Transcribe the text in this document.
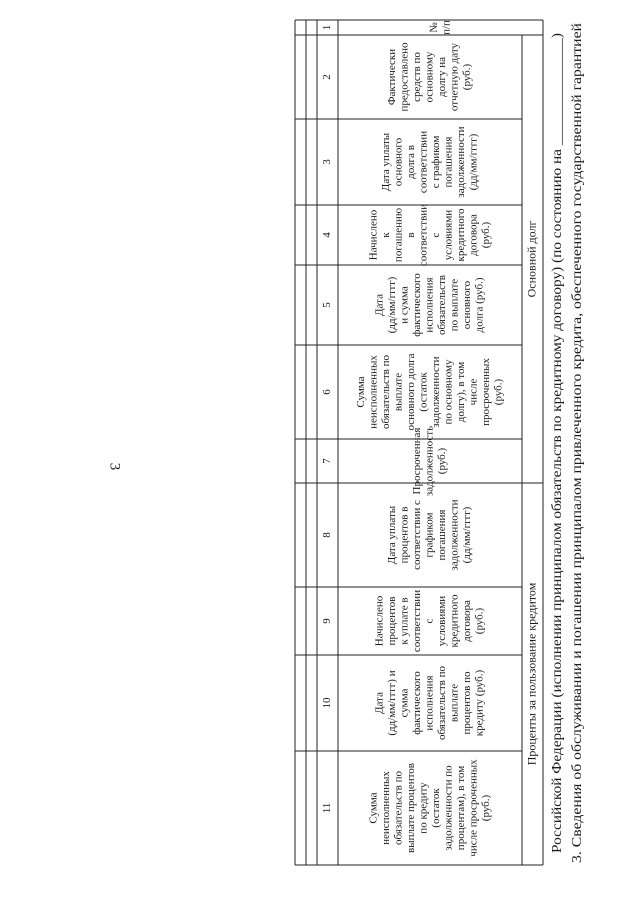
3
Проценты за пользование кредитом
Основной долг
Сумма неисполненных обязательств по выплате процентов по кредиту (остаток задолженности по процентам), в том числе просроченных (руб.)
11
Дата (дд/мм/гггг) и сумма фактического исполнения обязательств по выплате процентов по кредиту (руб.)
10
Начислено процентов к уплате в соответствии с условиями кредитного договора (руб.)
9
Дата уплаты процентов в соответствии с графиком погашения задолженности (дд/мм/гггг)
8
Просроченная задолженность (руб.)
7
Сумма неисполненных обязательств по выплате основного долга (остаток задолженности по основному долгу), в том числе просроченных (руб.)
6
Дата (дд/мм/гггг) и сумма фактического исполнения обязательств по выплате основного долга (руб.)
5
Начислено к погашению в соответствии с условиями кредитного договора (руб.)
4
Дата уплаты основного долга в соответствии с графиком погашения задолженности (дд/мм/гггг)
3
Фактически предоставлено средств по основному долгу на отчетную дату (руб.)
2
№ п/п
1
3. Сведения об обслуживании и погашении принципалом привлеченного кредита, обеспеченного государственной гарантией
Российской Федерации (исполнении принципалом обязательств по кредитному договору) (по состоянию на ______________)
